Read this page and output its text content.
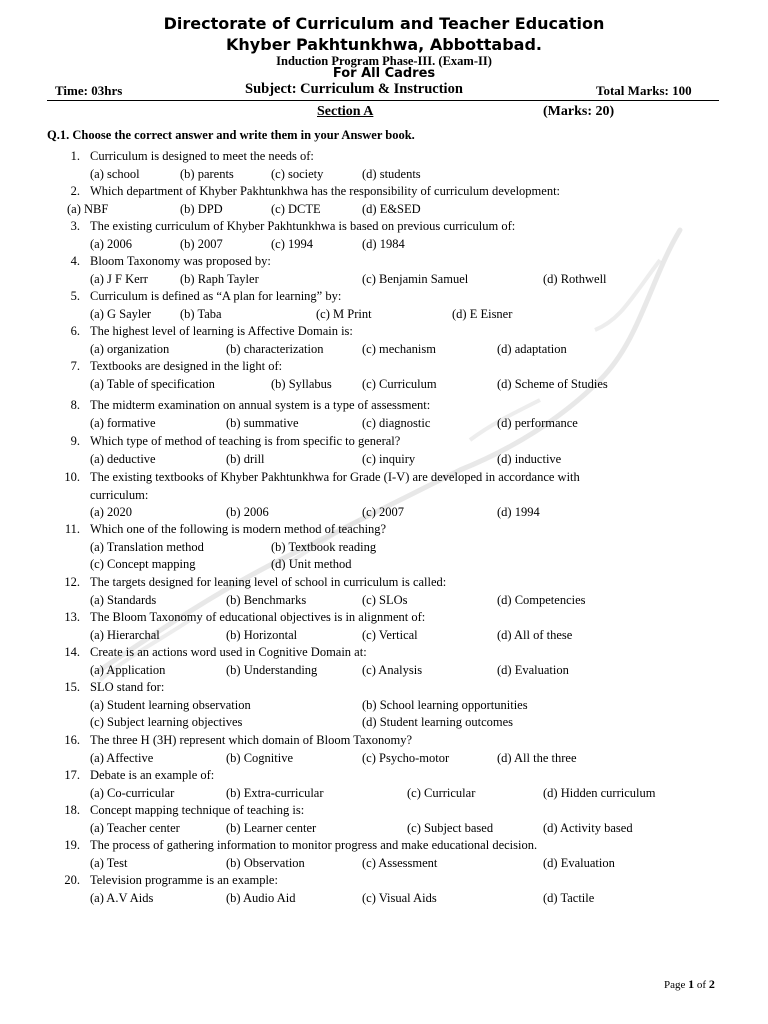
Directorate of Curriculum and Teacher Education
Khyber Pakhtunkhwa, Abbottabad.
Induction Program Phase-III. (Exam-II)
For All Cadres
Time: 03hrs	Subject: Curriculum & Instruction	Total Marks: 100
Section A	(Marks: 20)
Q.1. Choose the correct answer and write them in your Answer book.
1. Curriculum is designed to meet the needs of:
(a) school	(b) parents	(c) society	(d) students
2. Which department of Khyber Pakhtunkhwa has the responsibility of curriculum development:
(a) NBF	(b) DPD	(c) DCTE	(d) E&SED
3. The existing curriculum of Khyber Pakhtunkhwa is based on previous curriculum of:
(a) 2006	(b) 2007	(c) 1994	(d) 1984
4. Bloom Taxonomy was proposed by:
(a) J F Kerr	(b) Raph Tayler	(c) Benjamin Samuel	(d) Rothwell
5. Curriculum is defined as “A plan for learning” by:
(a) G Sayler (b) Taba	(c) M Print	(d) E Eisner
6. The highest level of learning is Affective Domain is:
(a) organization	(b) characterization	(c) mechanism	(d) adaptation
7. Textbooks are designed in the light of:
(a) Table of specification	(b) Syllabus (c) Curriculum	(d) Scheme of Studies
8. The midterm examination on annual system is a type of assessment:
(a) formative	(b) summative	(c) diagnostic	(d) performance
9. Which type of method of teaching is from specific to general?
(a) deductive	(b) drill	(c) inquiry	(d) inductive
10. The existing textbooks of Khyber Pakhtunkhwa for Grade (I-V) are developed in accordance with
curriculum:
(a) 2020	(b) 2006	(c) 2007	(d) 1994
11. Which one of the following is modern method of teaching?
(a) Translation method	(b) Textbook reading
(c) Concept mapping	(d) Unit method
12. The targets designed for leaning level of school in curriculum is called:
(a) Standards	(b) Benchmarks	(c) SLOs	(d) Competencies
13. The Bloom Taxonomy of educational objectives is in alignment of:
(a) Hierarchal	(b) Horizontal	(c) Vertical	(d) All of these
14. Create is an actions word used in Cognitive Domain at:
(a) Application	(b) Understanding	(c) Analysis	(d) Evaluation
15. SLO stand for:
(a) Student learning observation	(b) School learning opportunities
(c) Subject learning objectives	(d) Student learning outcomes
16. The three H (3H) represent which domain of Bloom Taxonomy?
(a) Affective	(b) Cognitive	(c) Psycho-motor	(d) All the three
17. Debate is an example of:
(a) Co-curricular	(b) Extra-curricular	(c) Curricular	(d) Hidden curriculum
18. Concept mapping technique of teaching is:
(a) Teacher center	(b) Learner center	(c) Subject based	(d) Activity based
19. The process of gathering information to monitor progress and make educational decision.
(a) Test	(b) Observation	(c) Assessment	(d) Evaluation
20. Television programme is an example:
(a) A.V Aids	(b) Audio Aid	(c) Visual Aids	(d) Tactile
Page 1 of 2
